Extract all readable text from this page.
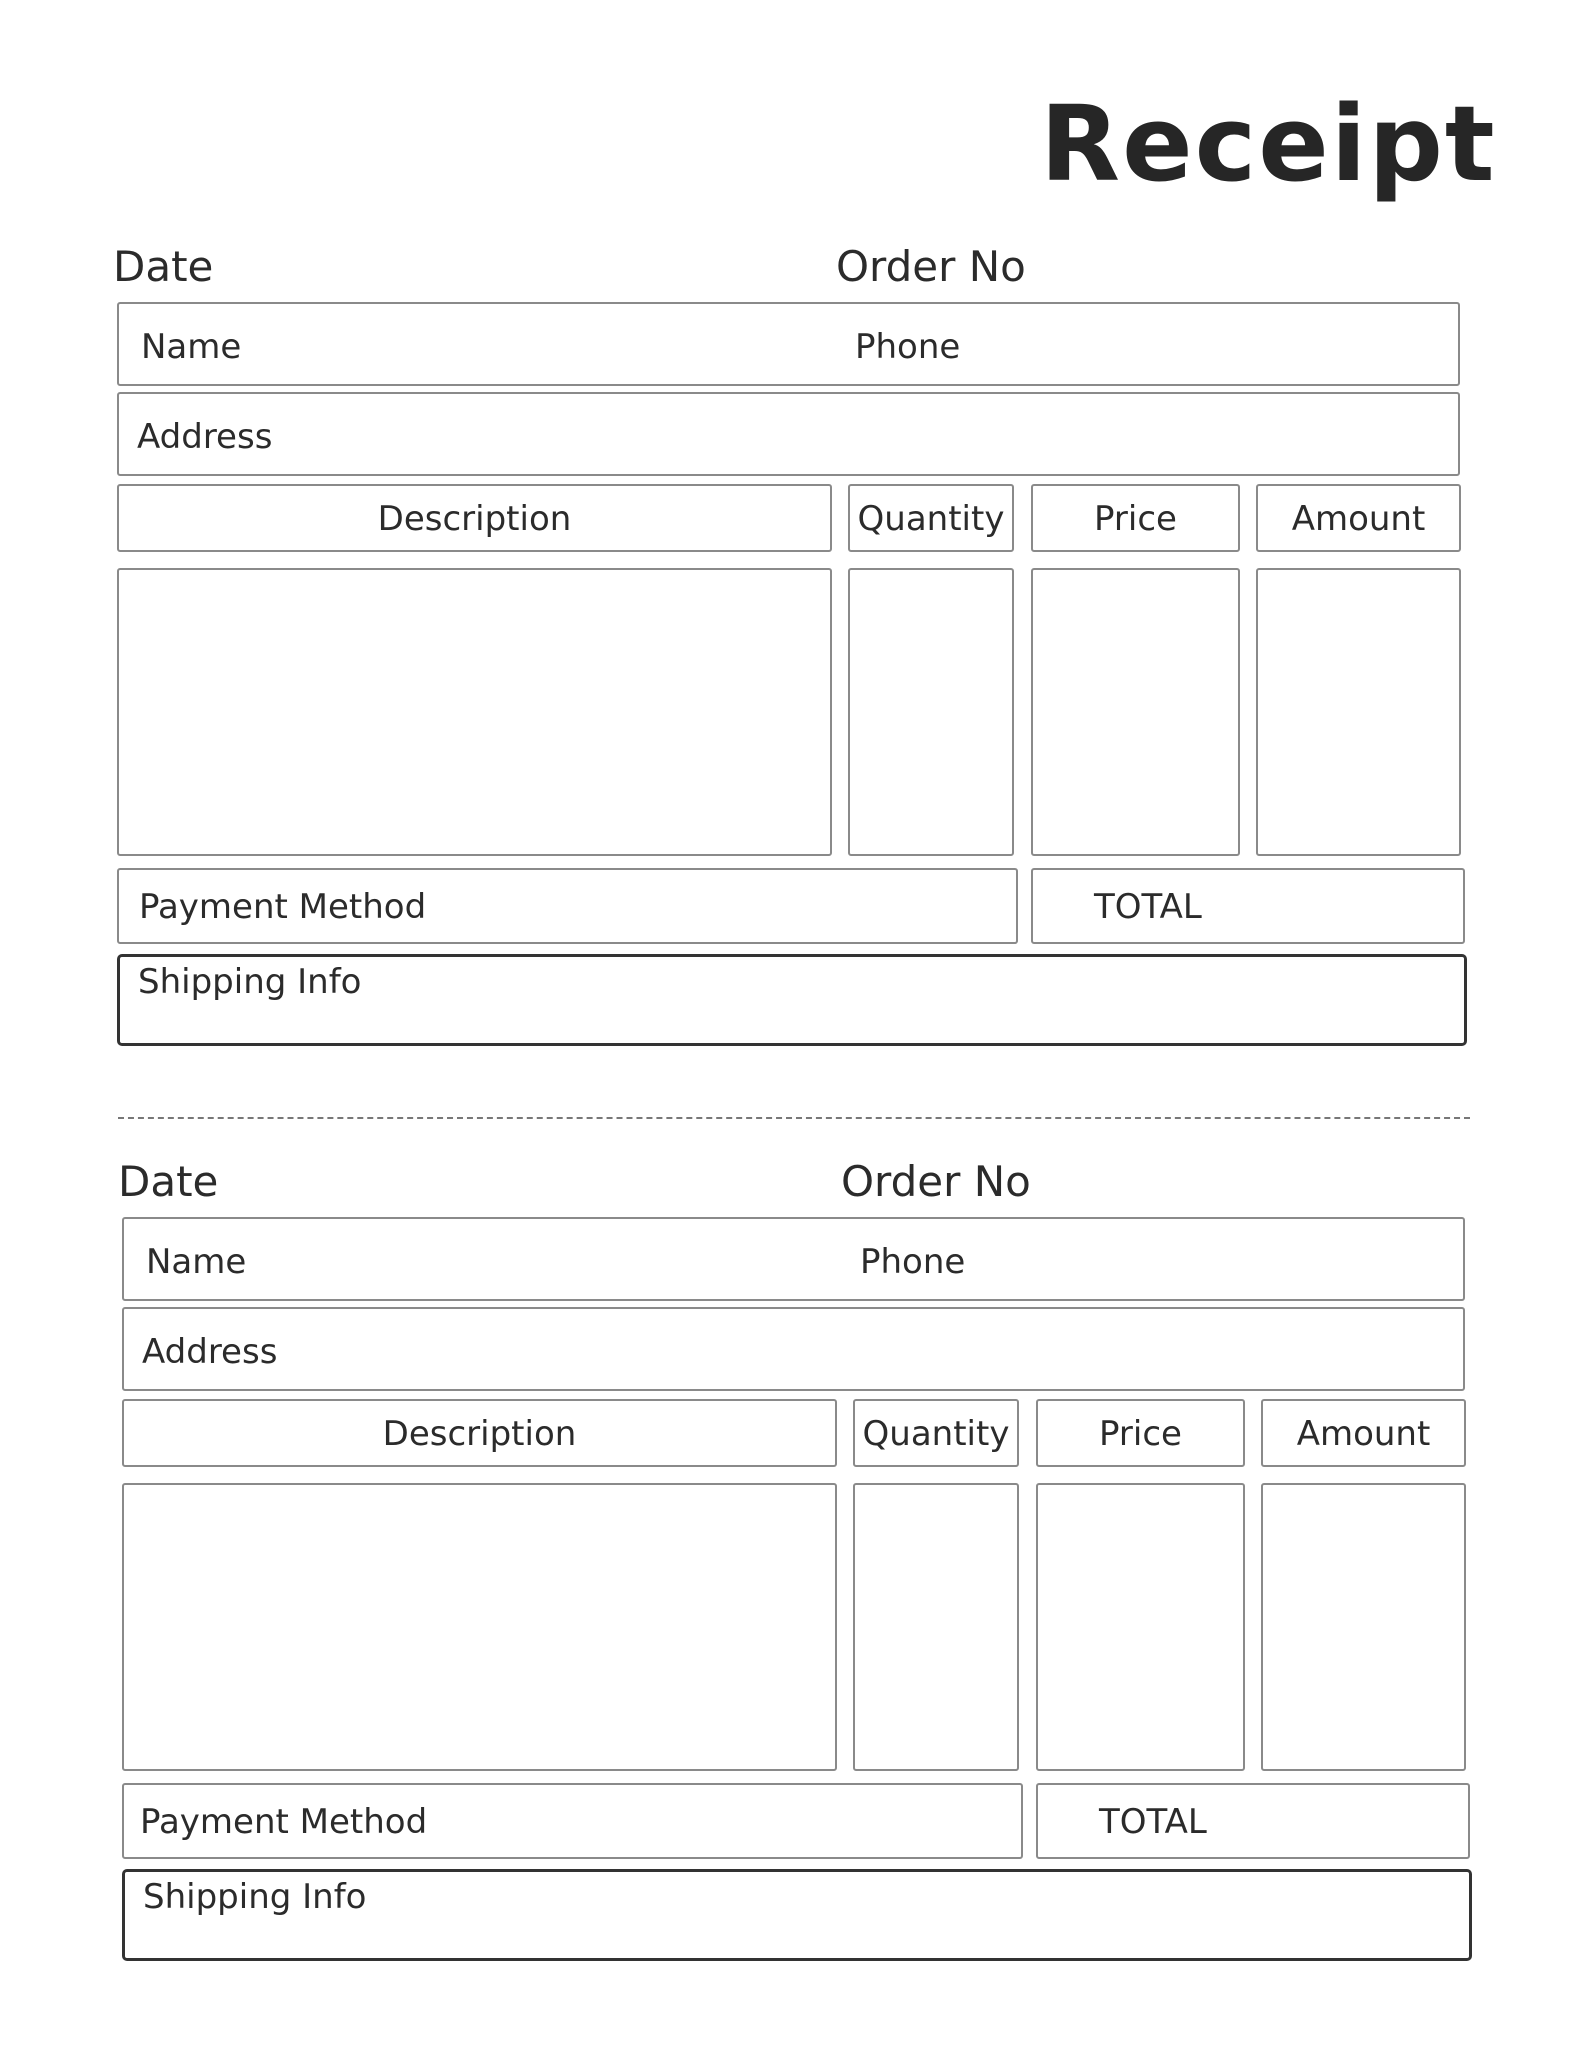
Receipt
Date	Order No
Name	Phone
Address
Description	Quantity	Price	Amount
Payment Method	TOTAL
Shipping Info
Date	Order No
Name	Phone
Address
Description	Quantity	Price	Amount
Payment Method	TOTAL
Shipping Info
